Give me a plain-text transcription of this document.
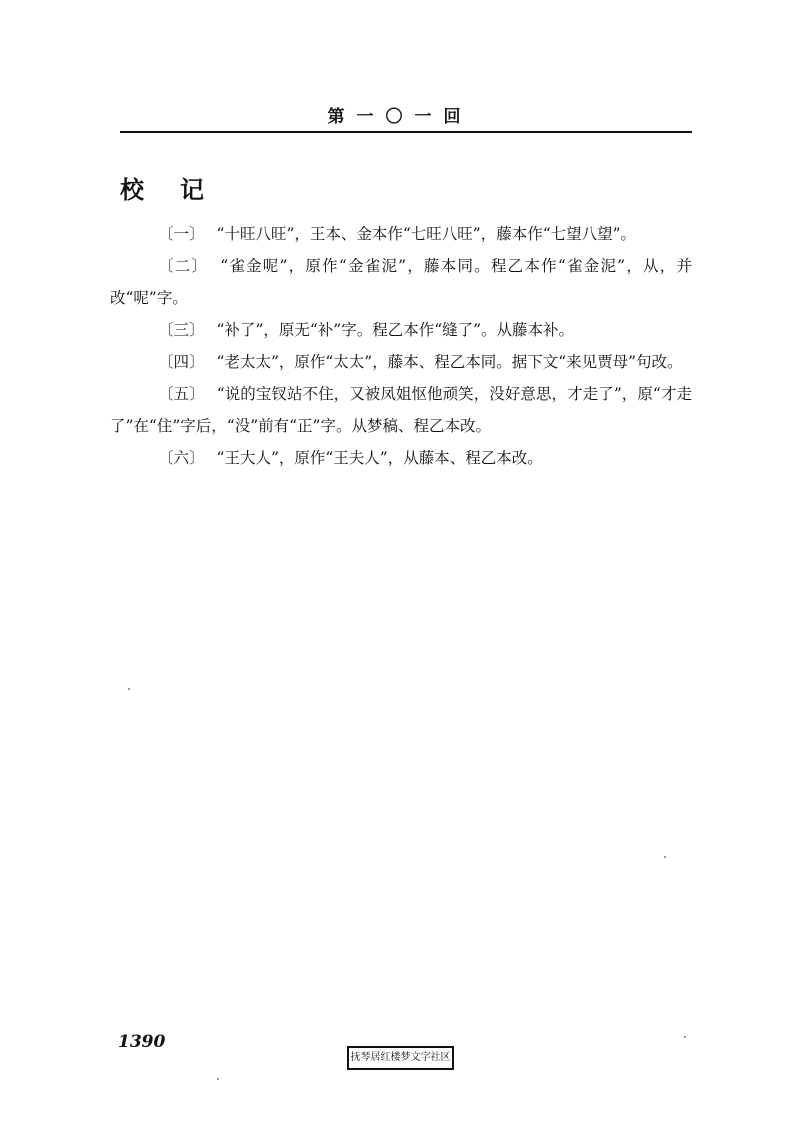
第一〇一回
校记

〔一〕 “十旺八旺”，王本、金本作“七旺八旺”，藤本作“七望八望”。

〔二〕 “雀金呢”，原作“金雀泥”，藤本同。程乙本作“雀金泥”，从，并改“呢”字。

〔三〕 “补了”，原无“补”字。程乙本作“缝了”。从藤本补。

〔四〕 “老太太”，原作“太太”，藤本、程乙本同。据下文“来见贾母”句改。

〔五〕 “说的宝钗站不住，又被凤姐怄他顽笑，没好意思，才走了”，原“才走了”在“住”字后，“没”前有“正”字。从梦稿、程乙本改。

〔六〕 “王大人”，原作“王夫人”，从藤本、程乙本改。

1390
抚琴居红楼梦文字社区
